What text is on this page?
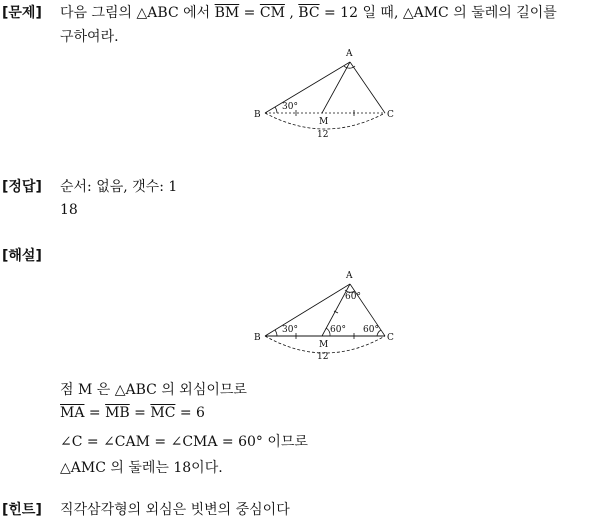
[문제] 다음 그림의 △ABC 에서 $\overline{BM} = \overline{CM}$ , $\overline{BC} = 12$ 일 때, △AMC 의 둘레의 길이를
구하여라.
A
B	C
M
30°
12
[정답] 순서: 없음, 갯수: 1
18
[해설]
A
B	C
M
30°	60° 60°
60°
12
점 M 은 △ABC 의 외심이므로
$\overline{MA} = \overline{MB} = \overline{MC} = 6$
∠C = ∠CAM = ∠CMA = 60° 이므로
△AMC 의 둘레는 18이다.
[힌트] 직각삼각형의 외심은 빗변의 중심이다
